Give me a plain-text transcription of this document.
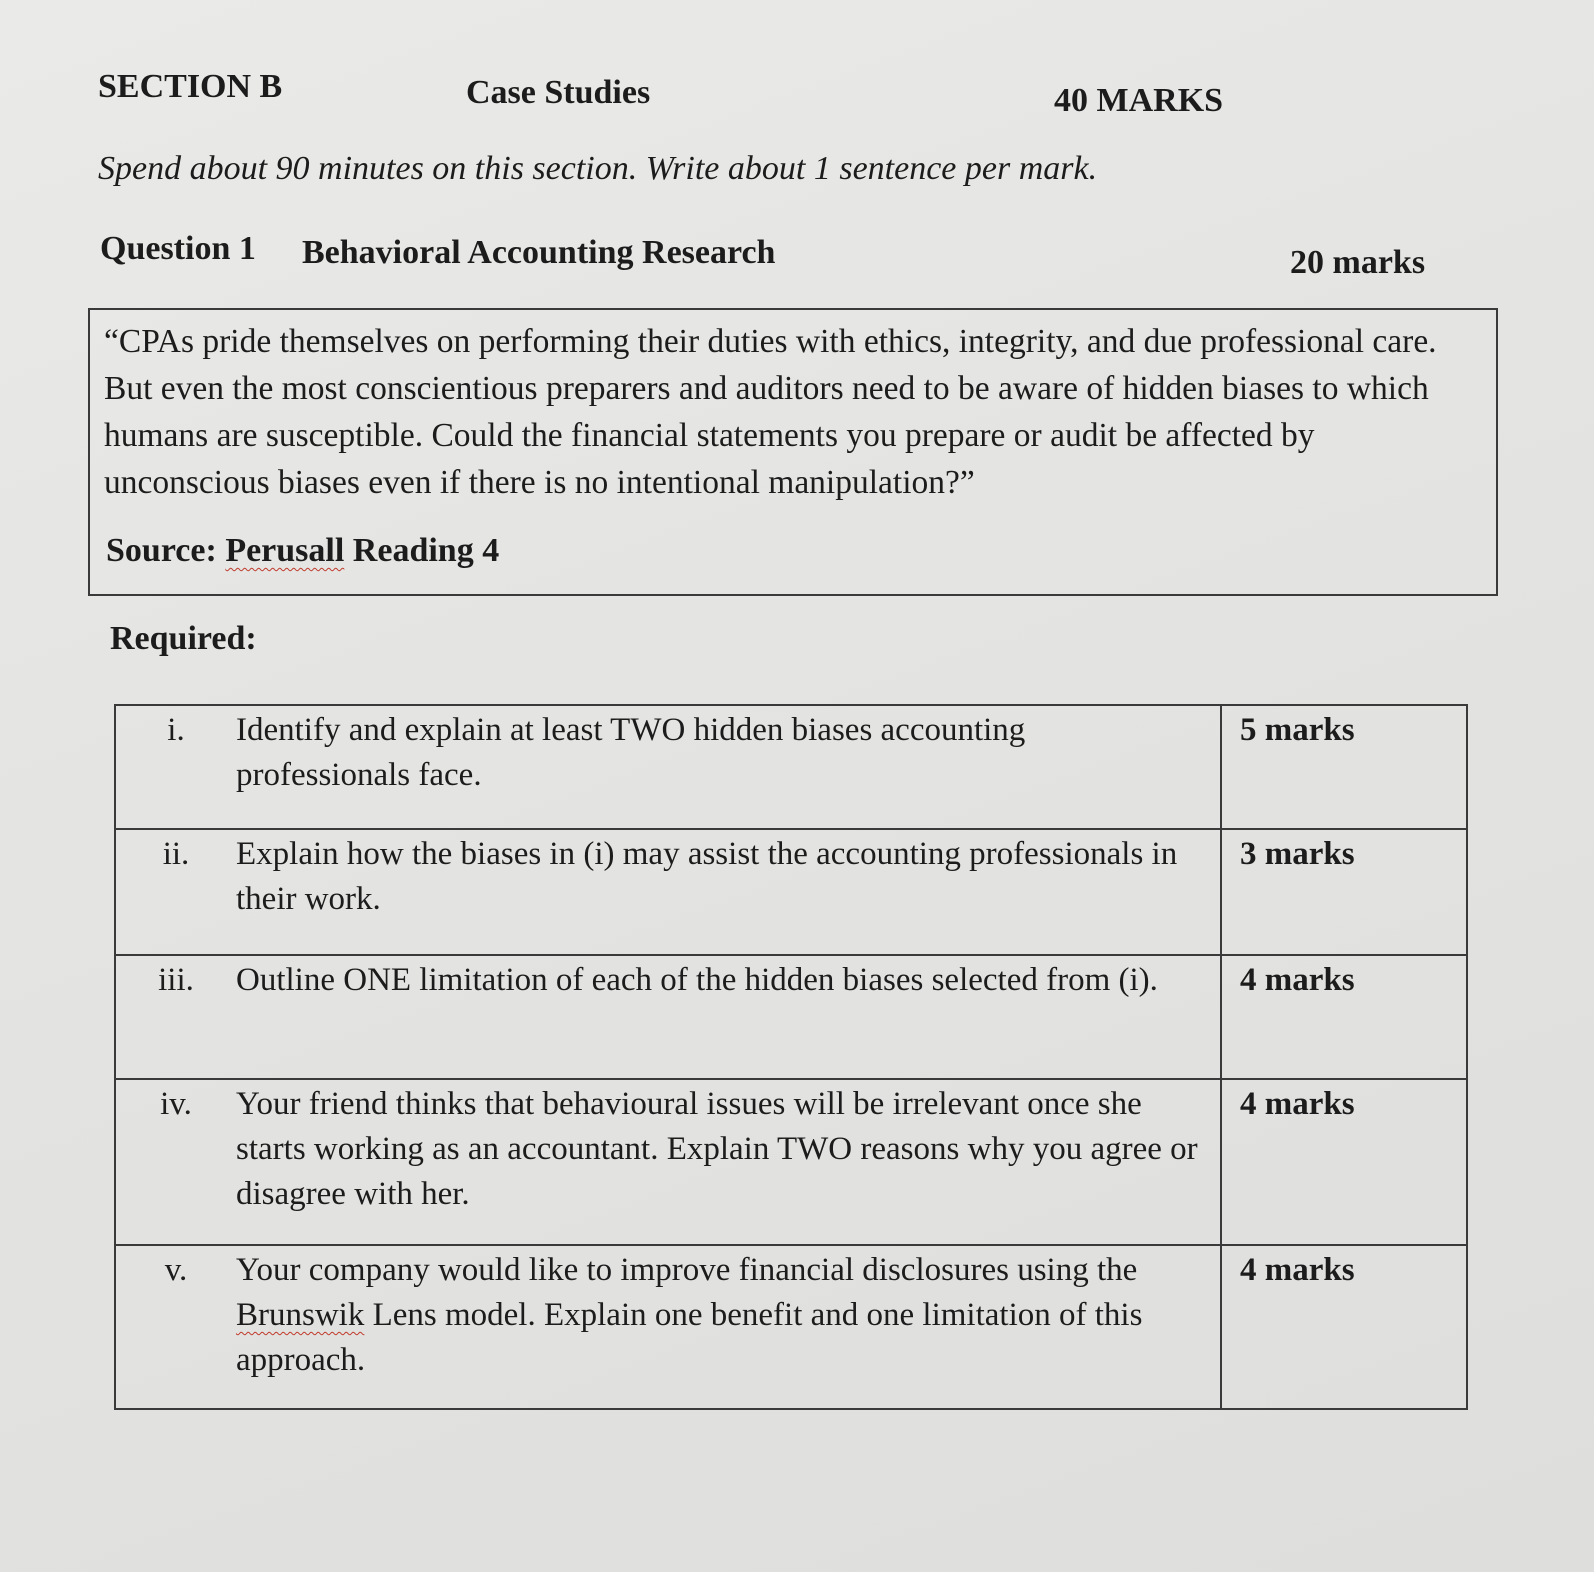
SECTION B	Case Studies	40 MARKS
Spend about 90 minutes on this section. Write about 1 sentence per mark.
Question 1 Behavioral Accounting Research	20 marks
“CPAs pride themselves on performing their duties with ethics, integrity, and due professional care. But even the most conscientious preparers and auditors need to be aware of hidden biases to which humans are susceptible. Could the financial statements you prepare or audit be affected by unconscious biases even if there is no intentional manipulation?”
Source: Perusall Reading 4
Required:
i.	Identify and explain at least TWO hidden biases accounting professionals face.	5 marks

ii.	Explain how the biases in (i) may assist the accounting professionals in their work.	3 marks

iii.	Outline ONE limitation of each of the hidden biases selected from (i).	4 marks

iv.	Your friend thinks that behavioural issues will be irrelevant once she starts working as an accountant. Explain TWO reasons why you agree or disagree with her.	4 marks

v.	Your company would like to improve financial disclosures using the Brunswik Lens model. Explain one benefit and one limitation of this approach.	4 marks
